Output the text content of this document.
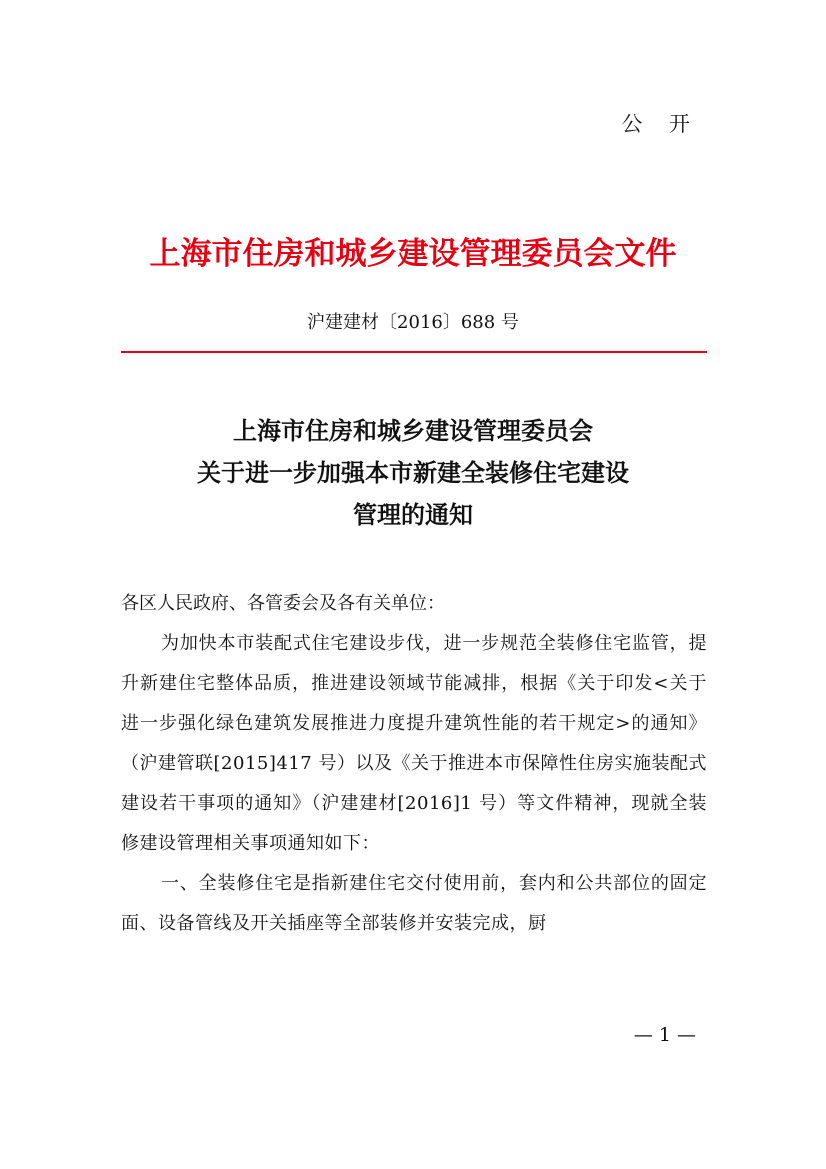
公 开
上海市住房和城乡建设管理委员会文件
沪建建材〔2016〕688 号
上海市住房和城乡建设管理委员会
关于进一步加强本市新建全装修住宅建设
管理的通知
各区人民政府、各管委会及各有关单位：
为加快本市装配式住宅建设步伐，进一步规范全装修住宅监管，提升新建住宅整体品质，推进建设领域节能减排，根据《关于印发<关于进一步强化绿色建筑发展推进力度提升建筑性能的若干规定>的通知》（沪建管联[2015]417 号）以及《关于推进本市保障性住房实施装配式建设若干事项的通知》（沪建建材[2016]1 号）等文件精神，现就全装修建设管理相关事项通知如下：
一、全装修住宅是指新建住宅交付使用前，套内和公共部位的固定面、设备管线及开关插座等全部装修并安装完成，厨
— 1 —
